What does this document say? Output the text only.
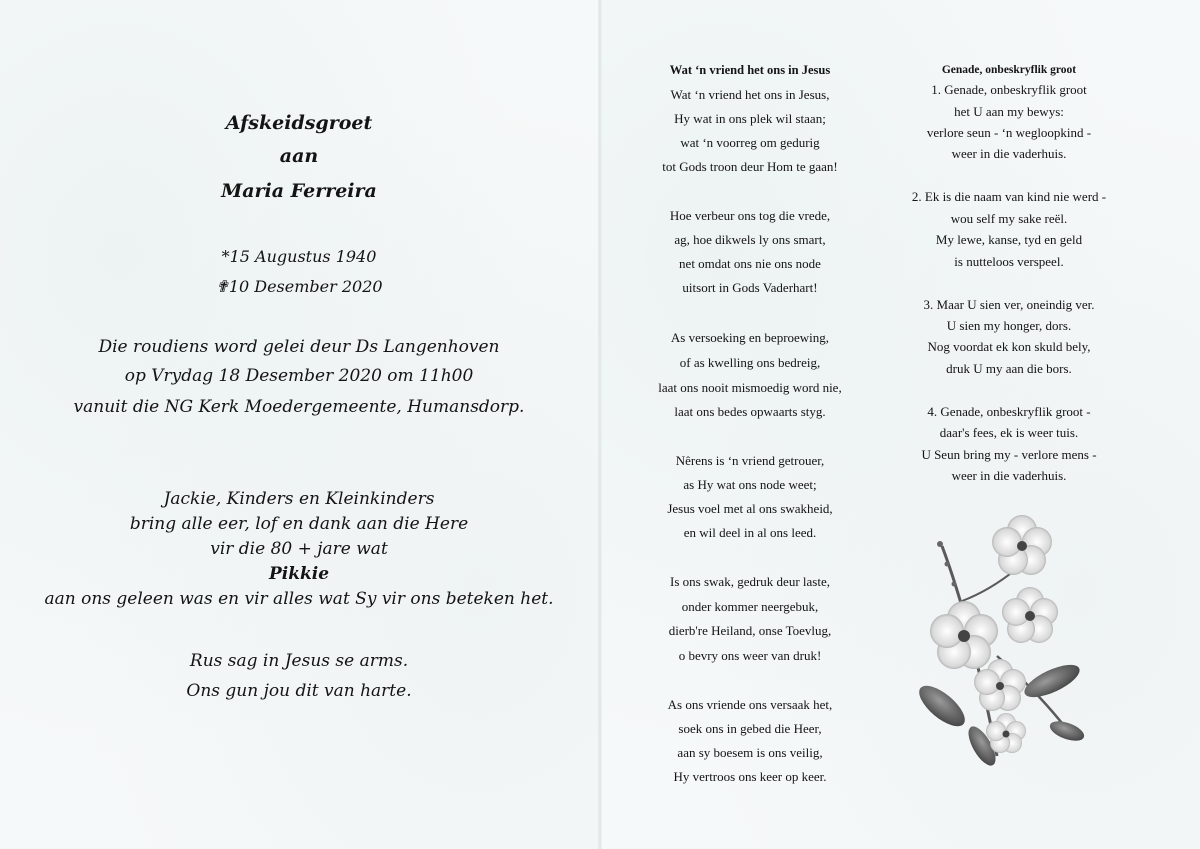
Afskeidsgroet
aan
Maria Ferreira
*15 Augustus 1940
✟10 Desember 2020
Die roudiens word gelei deur Ds Langenhoven
op Vrydag 18 Desember 2020 om 11h00
vanuit die NG Kerk Moedergemeente, Humansdorp.
Jackie, Kinders en Kleinkinders
bring alle eer, lof en dank aan die Here
vir die 80 + jare wat
Pikkie
aan ons geleen was en vir alles wat Sy vir ons beteken het.
Rus sag in Jesus se arms.
Ons gun jou dit van harte.
Wat ‘n vriend het ons in Jesus
Wat ‘n vriend het ons in Jesus,
Hy wat in ons plek wil staan;
wat ‘n voorreg om gedurig
tot Gods troon deur Hom te gaan!
Hoe verbeur ons tog die vrede,
ag, hoe dikwels ly ons smart,
net omdat ons nie ons node
uitsort in Gods Vaderhart!
As versoeking en beproewing,
of as kwelling ons bedreig,
laat ons nooit mismoedig word nie,
laat ons bedes opwaarts styg.
Nêrens is ‘n vriend getrouer,
as Hy wat ons node weet;
Jesus voel met al ons swakheid,
en wil deel in al ons leed.
Is ons swak, gedruk deur laste,
onder kommer neergebuk,
dierb're Heiland, onse Toevlug,
o bevry ons weer van druk!
As ons vriende ons versaak het,
soek ons in gebed die Heer,
aan sy boesem is ons veilig,
Hy vertroos ons keer op keer.
Genade, onbeskryflik groot
1. Genade, onbeskryflik groot
het U aan my bewys:
verlore seun - ‘n wegloopkind -
weer in die vaderhuis.
2. Ek is die naam van kind nie werd -
wou self my sake reël.
My lewe, kanse, tyd en geld
is nutteloos verspeel.
3. Maar U sien ver, oneindig ver.
U sien my honger, dors.
Nog voordat ek kon skuld bely,
druk U my aan die bors.
4. Genade, onbeskryflik groot -
daar's fees, ek is weer tuis.
U Seun bring my - verlore mens -
weer in die vaderhuis.
